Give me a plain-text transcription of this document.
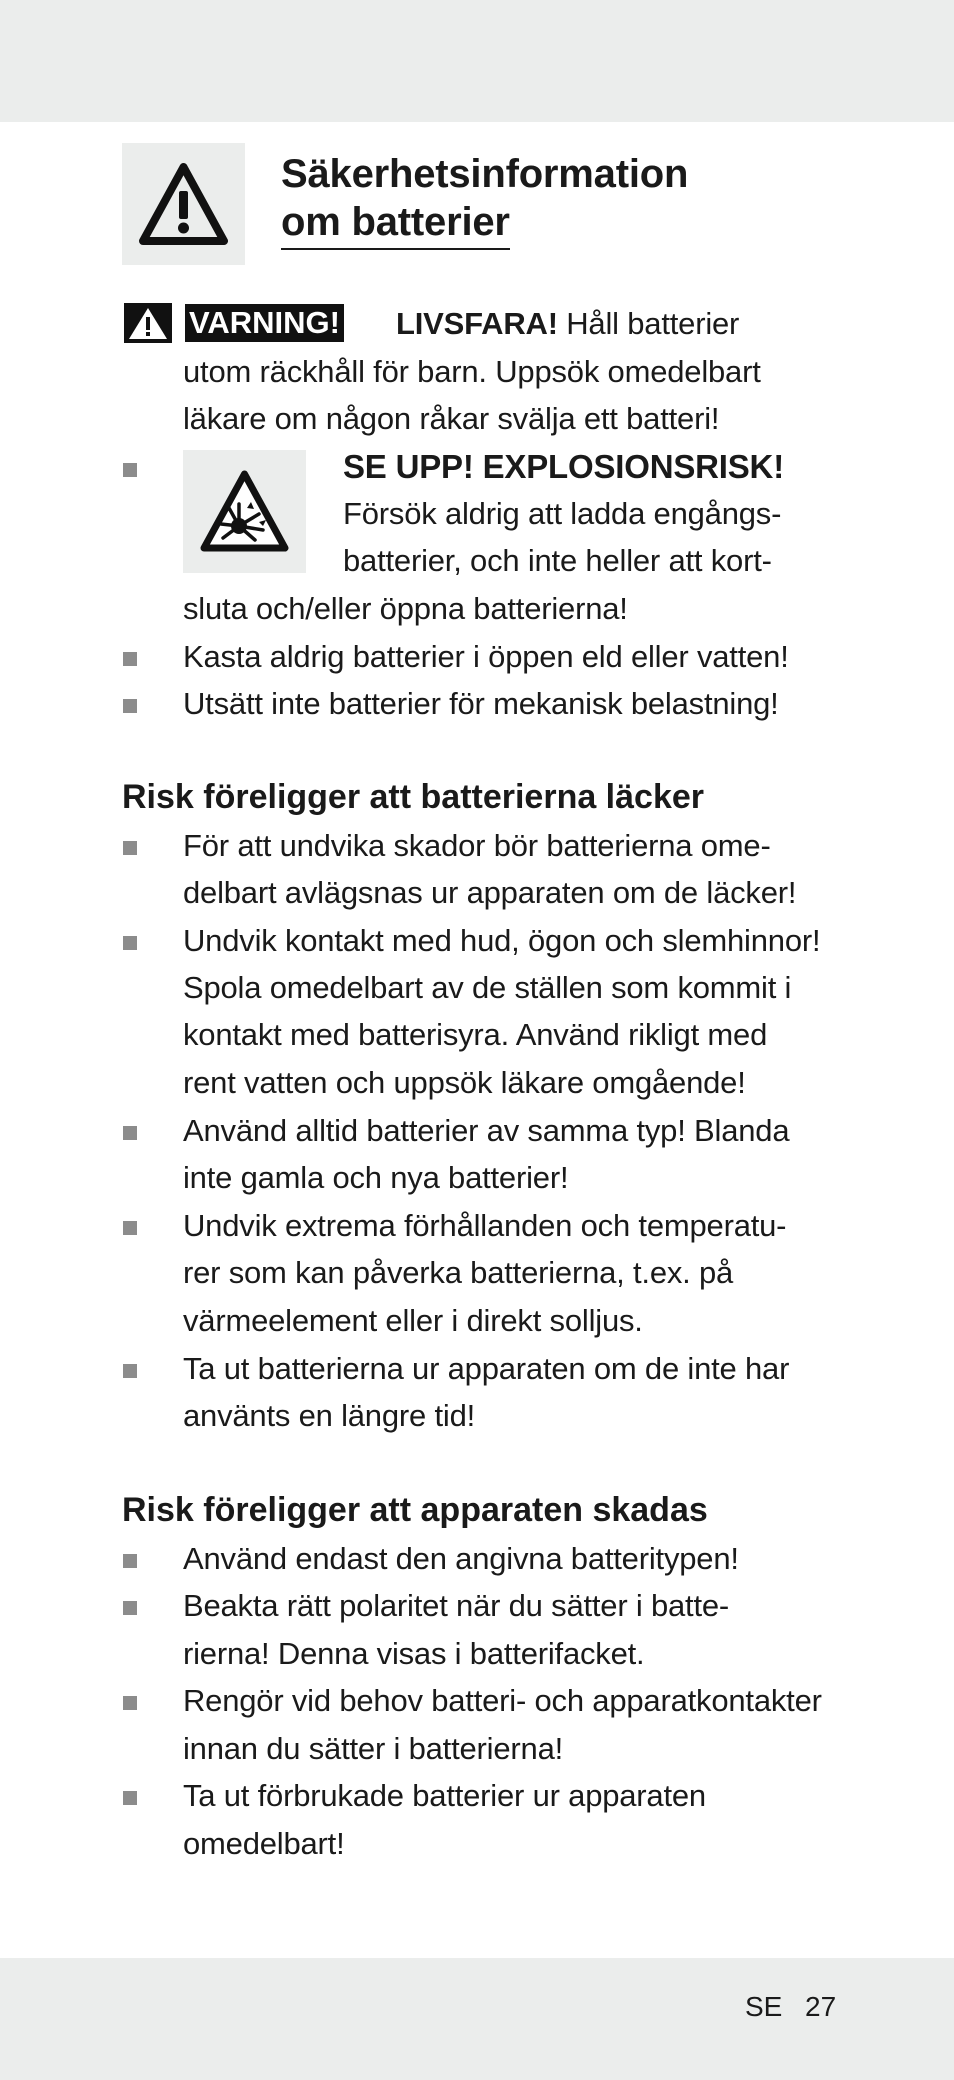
Säkerhetsinformation
om batterier
VARNING! LIVSFARA! Håll batterier
utom räckhåll för barn. Uppsök omedelbart
läkare om någon råkar svälja ett batteri!
SE UPP! EXPLOSIONSRISK!
Försök aldrig att ladda engångs-
batterier, och inte heller att kort-
sluta och/eller öppna batterierna!
Kasta aldrig batterier i öppen eld eller vatten!
Utsätt inte batterier för mekanisk belastning!
Risk föreligger att batterierna läcker
För att undvika skador bör batterierna ome-
delbart avlägsnas ur apparaten om de läcker!
Undvik kontakt med hud, ögon och slemhinnor!
Spola omedelbart av de ställen som kommit i
kontakt med batterisyra. Använd rikligt med
rent vatten och uppsök läkare omgående!
Använd alltid batterier av samma typ! Blanda
inte gamla och nya batterier!
Undvik extrema förhållanden och temperatu-
rer som kan påverka batterierna, t.ex. på
värmeelement eller i direkt solljus.
Ta ut batterierna ur apparaten om de inte har
använts en längre tid!
Risk föreligger att apparaten skadas
Använd endast den angivna batteritypen!
Beakta rätt polaritet när du sätter i batte-
rierna! Denna visas i batterifacket.
Rengör vid behov batteri- och apparatkontakter
innan du sätter i batterierna!
Ta ut förbrukade batterier ur apparaten
omedelbart!
SE 27
